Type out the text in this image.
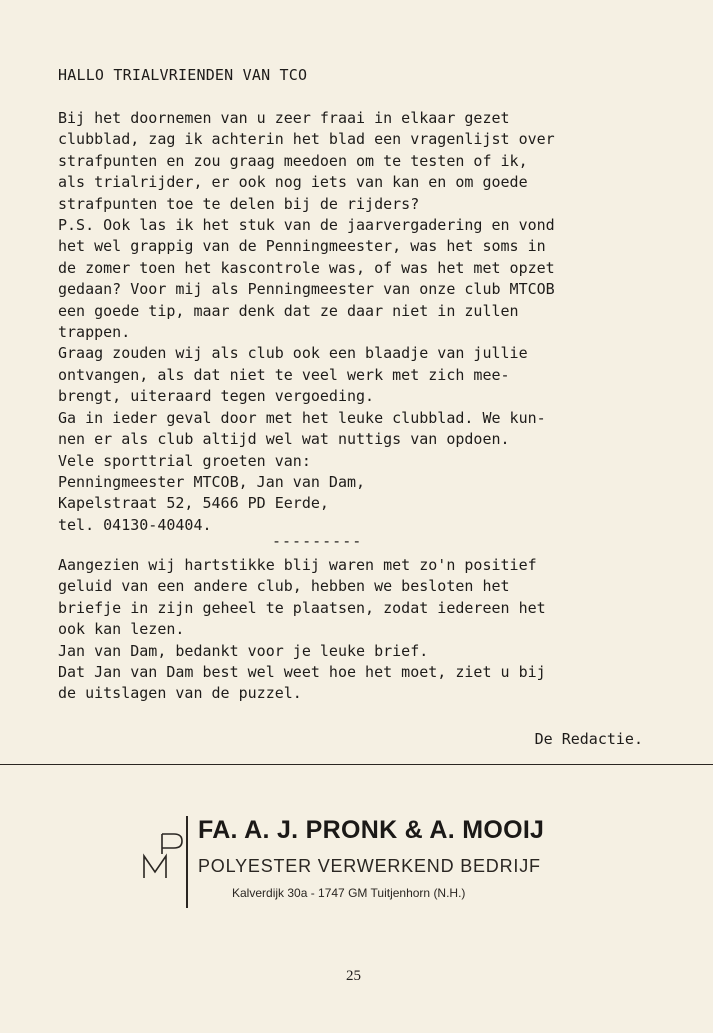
HALLO TRIALVRIENDEN VAN TCO
Bij het doornemen van u zeer fraai in elkaar gezet
clubblad, zag ik achterin het blad een vragenlijst over
strafpunten en zou graag meedoen om te testen of ik,
als trialrijder, er ook nog iets van kan en om goede
strafpunten toe te delen bij de rijders?
P.S. Ook las ik het stuk van de jaarvergadering en vond
het wel grappig van de Penningmeester, was het soms in
de zomer toen het kascontrole was, of was het met opzet
gedaan? Voor mij als Penningmeester van onze club MTCOB
een goede tip, maar denk dat ze daar niet in zullen
trappen.
Graag zouden wij als club ook een blaadje van jullie
ontvangen, als dat niet te veel werk met zich mee-
brengt, uiteraard tegen vergoeding.
Ga in ieder geval door met het leuke clubblad. We kun-
nen er als club altijd wel wat nuttigs van opdoen.
Vele sporttrial groeten van:
Penningmeester MTCOB, Jan van Dam,
Kapelstraat 52, 5466 PD Eerde,
tel. 04130-40404.
---------
Aangezien wij hartstikke blij waren met zo'n positief
geluid van een andere club, hebben we besloten het
briefje in zijn geheel te plaatsen, zodat iedereen het
ook kan lezen.
Jan van Dam, bedankt voor je leuke brief.
Dat Jan van Dam best wel weet hoe het moet, ziet u bij
de uitslagen van de puzzel.
De Redactie.
FA. A. J. PRONK & A. MOOIJ
POLYESTER VERWERKEND BEDRIJF
Kalverdijk 30a - 1747 GM Tuitjenhorn (N.H.)
25
